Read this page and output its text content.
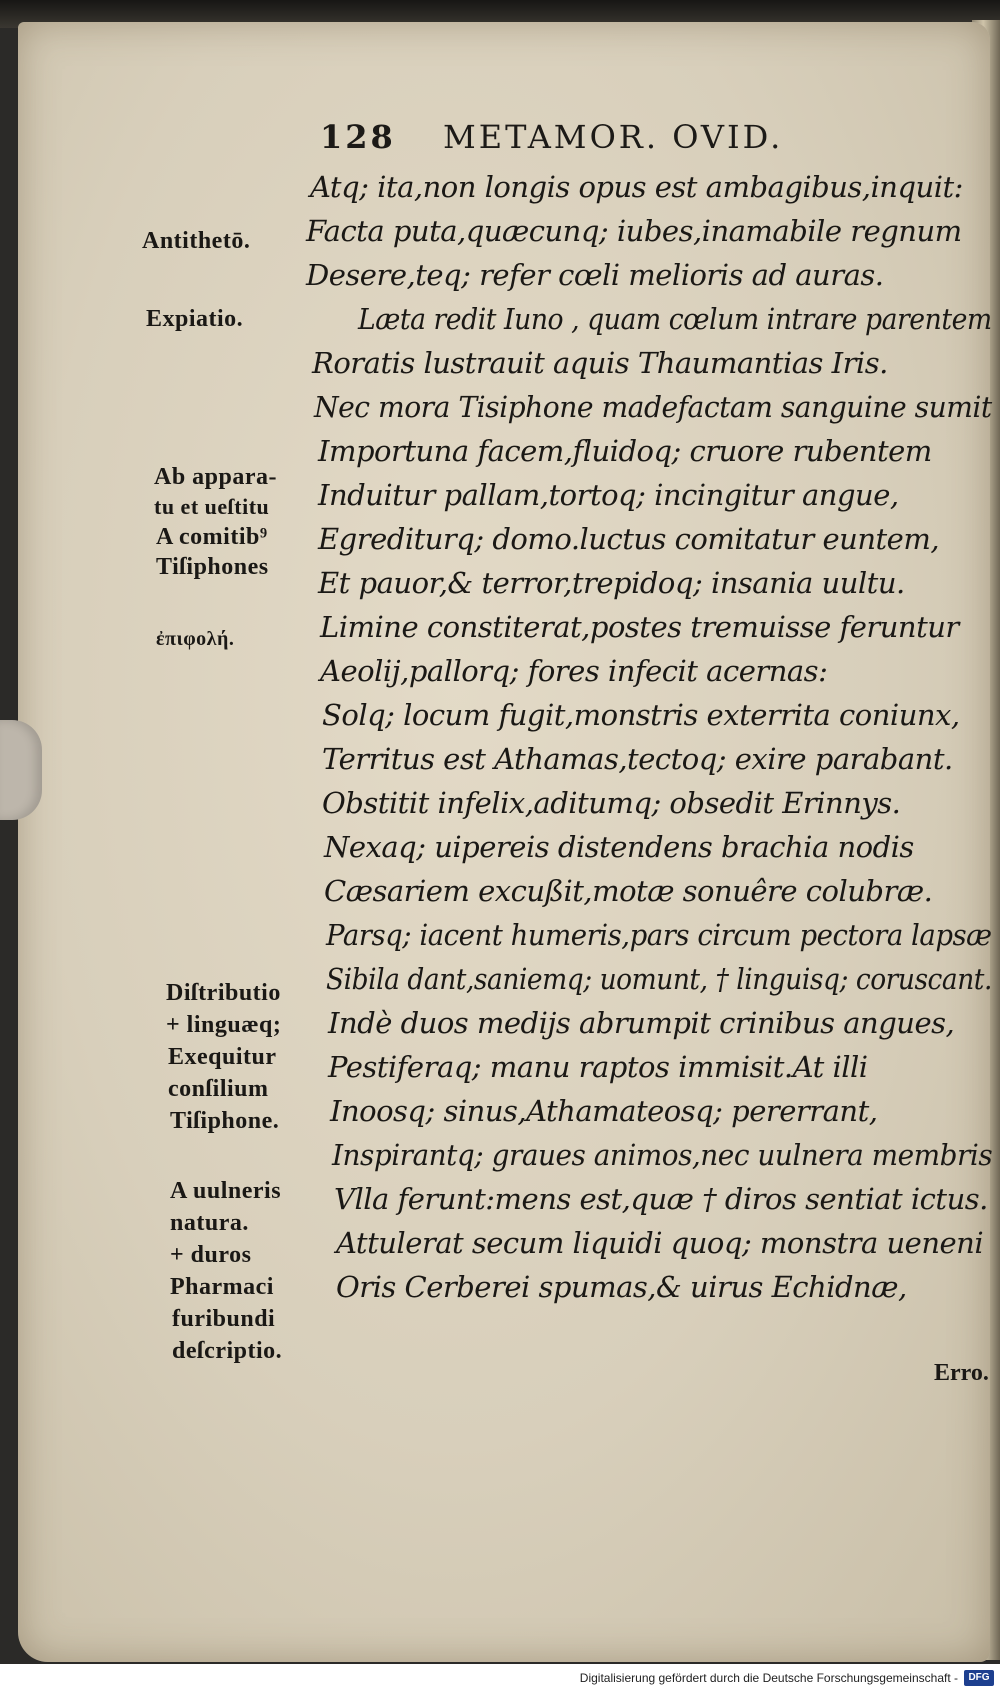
128 METAMOR. OVID.
Atq; ita,non longis opus est ambagibus,inquit:
Facta puta,quæcunq; iubes,inamabile regnum
Desere,teq; refer cœli melioris ad auras.
Læta redit Iuno , quam cœlum intrare parentem
Roratis lustrauit aquis Thaumantias Iris.
Nec mora Tisiphone madefactam sanguine sumit
Importuna facem,fluidoq; cruore rubentem
Induitur pallam,tortoq; incingitur angue,
Egrediturq; domo.luctus comitatur euntem,
Et pauor,& terror,trepidoq; insania uultu.
Limine constiterat,postes tremuisse feruntur
Aeolij,pallorq; fores infecit acernas:
Solq; locum fugit,monstris exterrita coniunx,
Territus est Athamas,tectoq; exire parabant.
Obstitit infelix,aditumq; obsedit Erinnys.
Nexaq; uipereis distendens brachia nodis
Cæsariem excußit,motæ sonuêre colubræ.
Parsq; iacent humeris,pars circum pectora lapsæ
Sibila dant,saniemq; uomunt, † linguisq; coruscant.
Indè duos medijs abrumpit crinibus angues,
Pestiferaq; manu raptos immisit.At illi
Inoosq; sinus,Athamateosq; pererrant,
Inspirantq; graues animos,nec uulnera membris
Vlla ferunt:mens est,quæ † diros sentiat ictus.
Attulerat secum liquidi quoq; monstra ueneni
Oris Cerberei spumas,& uirus Echidnæ,
Antithetō.
Expiatio.
Ab appara-
tu et ueſtitu
A comitib⁹
Tiſiphones
ἐπιφολή.
Diſtributio
+ linguæq;
Exequitur
conſilium
Tiſiphone.
A uulneris
natura.
+ duros
Pharmaci
furibundi
deſcriptio.
Erro.
Digitalisierung gefördert durch die Deutsche Forschungsgemeinschaft -	DFG
